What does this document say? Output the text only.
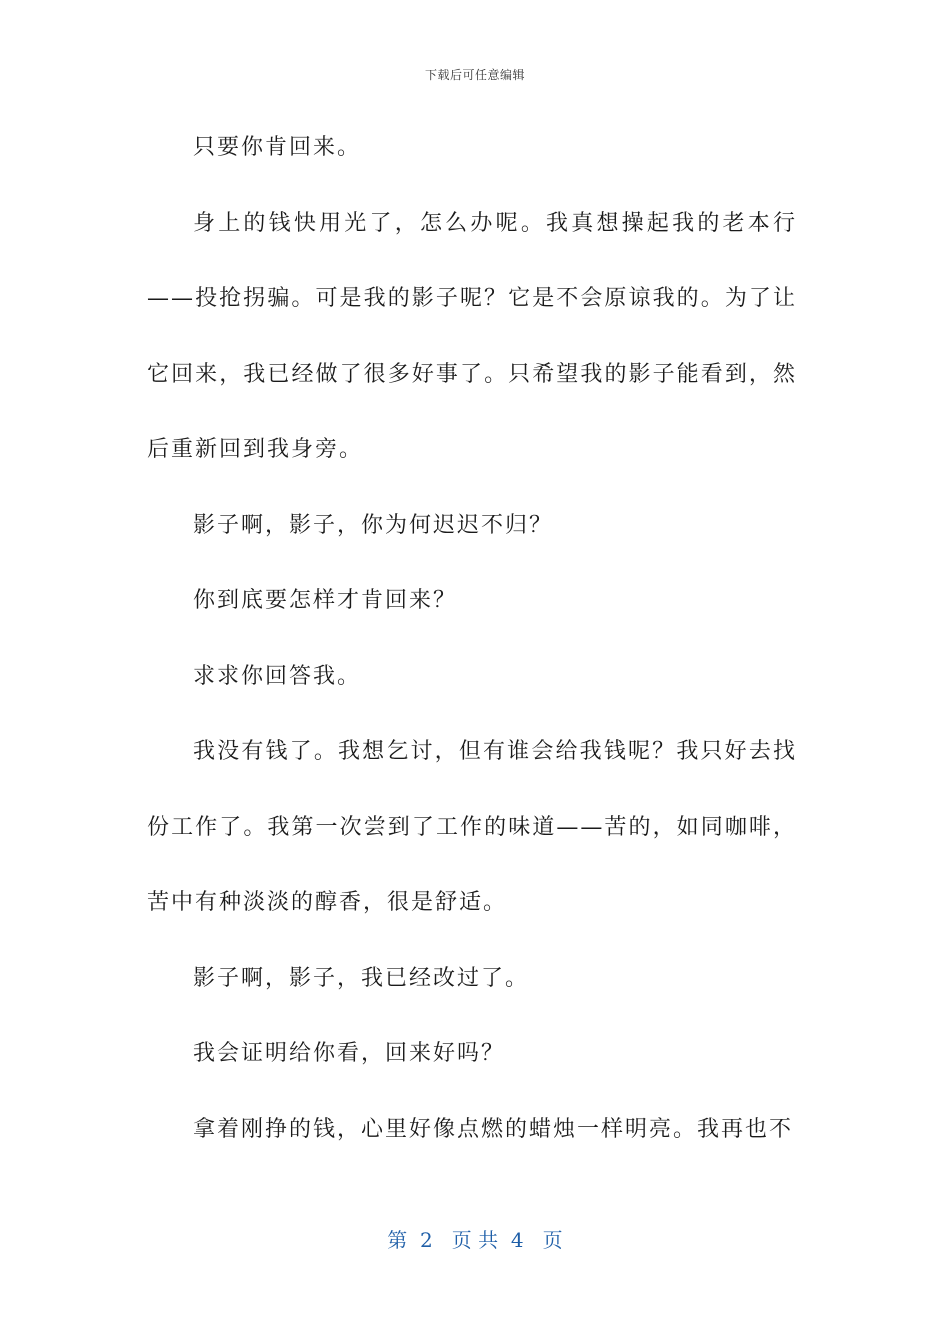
下载后可任意编辑

只要你肯回来。

身上的钱快用光了，怎么办呢。我真想操起我的老本行——投抢拐骗。可是我的影子呢？它是不会原谅我的。为了让它回来，我已经做了很多好事了。只希望我的影子能看到，然后重新回到我身旁。

影子啊，影子，你为何迟迟不归？

你到底要怎样才肯回来？

求求你回答我。

我没有钱了。我想乞讨，但有谁会给我钱呢？我只好去找份工作了。我第一次尝到了工作的味道——苦的，如同咖啡，苦中有种淡淡的醇香，很是舒适。

影子啊，影子，我已经改过了。

我会证明给你看，回来好吗？

拿着刚挣的钱，心里好像点燃的蜡烛一样明亮。我再也不

第  2   页 共  4   页
